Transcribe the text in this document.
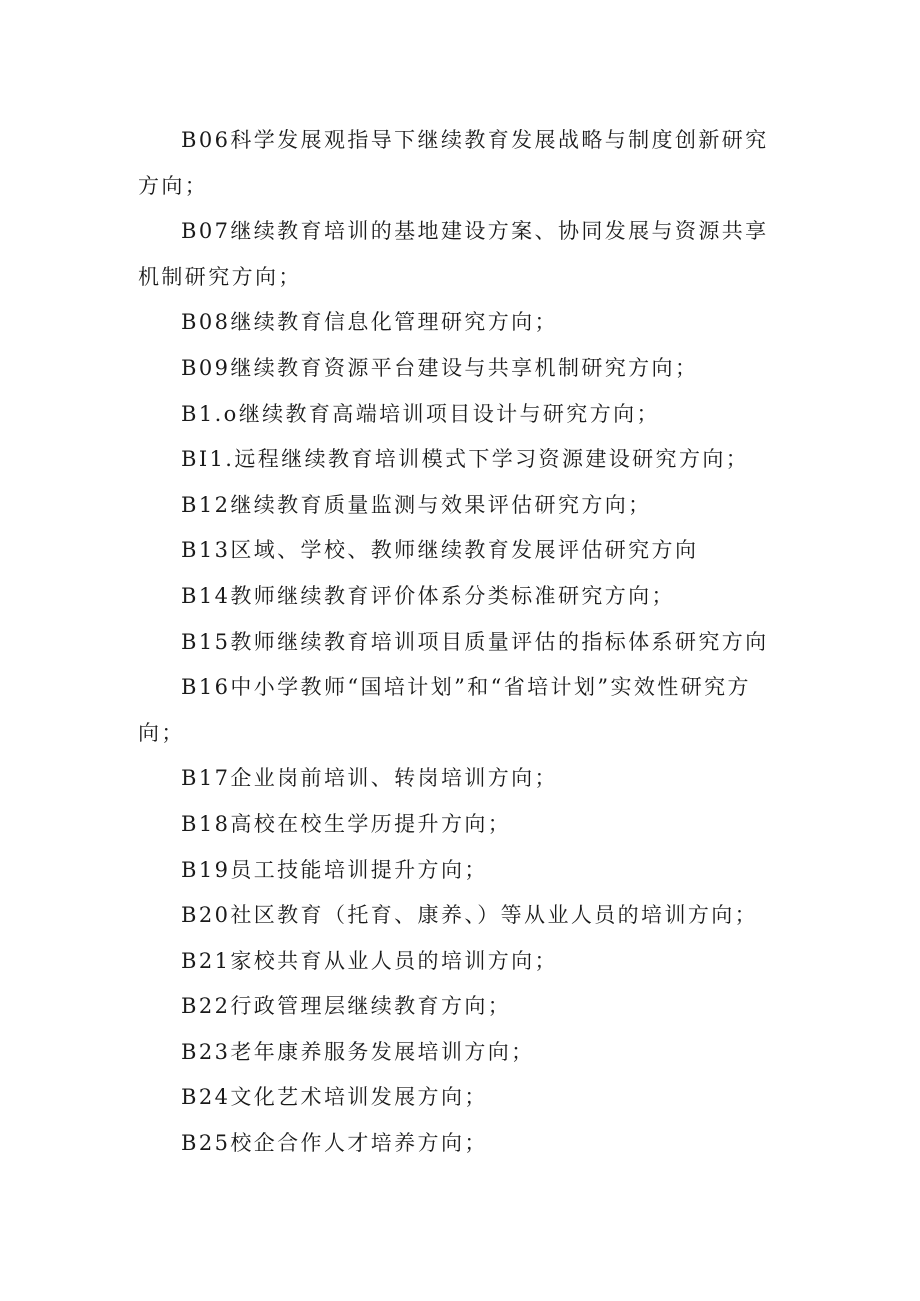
B06科学发展观指导下继续教育发展战略与制度创新研究方向；

B07继续教育培训的基地建设方案、协同发展与资源共享机制研究方向；

B08继续教育信息化管理研究方向；

B09继续教育资源平台建设与共享机制研究方向；

B1.o继续教育高端培训项目设计与研究方向；

BI1.远程继续教育培训模式下学习资源建设研究方向；

B12继续教育质量监测与效果评估研究方向；

B13区域、学校、教师继续教育发展评估研究方向

B14教师继续教育评价体系分类标准研究方向；

B15教师继续教育培训项目质量评估的指标体系研究方向

B16中小学教师“国培计划”和“省培计划”实效性研究方向；

B17企业岗前培训、转岗培训方向；

B18高校在校生学历提升方向；

B19员工技能培训提升方向；

B20社区教育（托育、康养、）等从业人员的培训方向；

B21家校共育从业人员的培训方向；

B22行政管理层继续教育方向；

B23老年康养服务发展培训方向；

B24文化艺术培训发展方向；

B25校企合作人才培养方向；
